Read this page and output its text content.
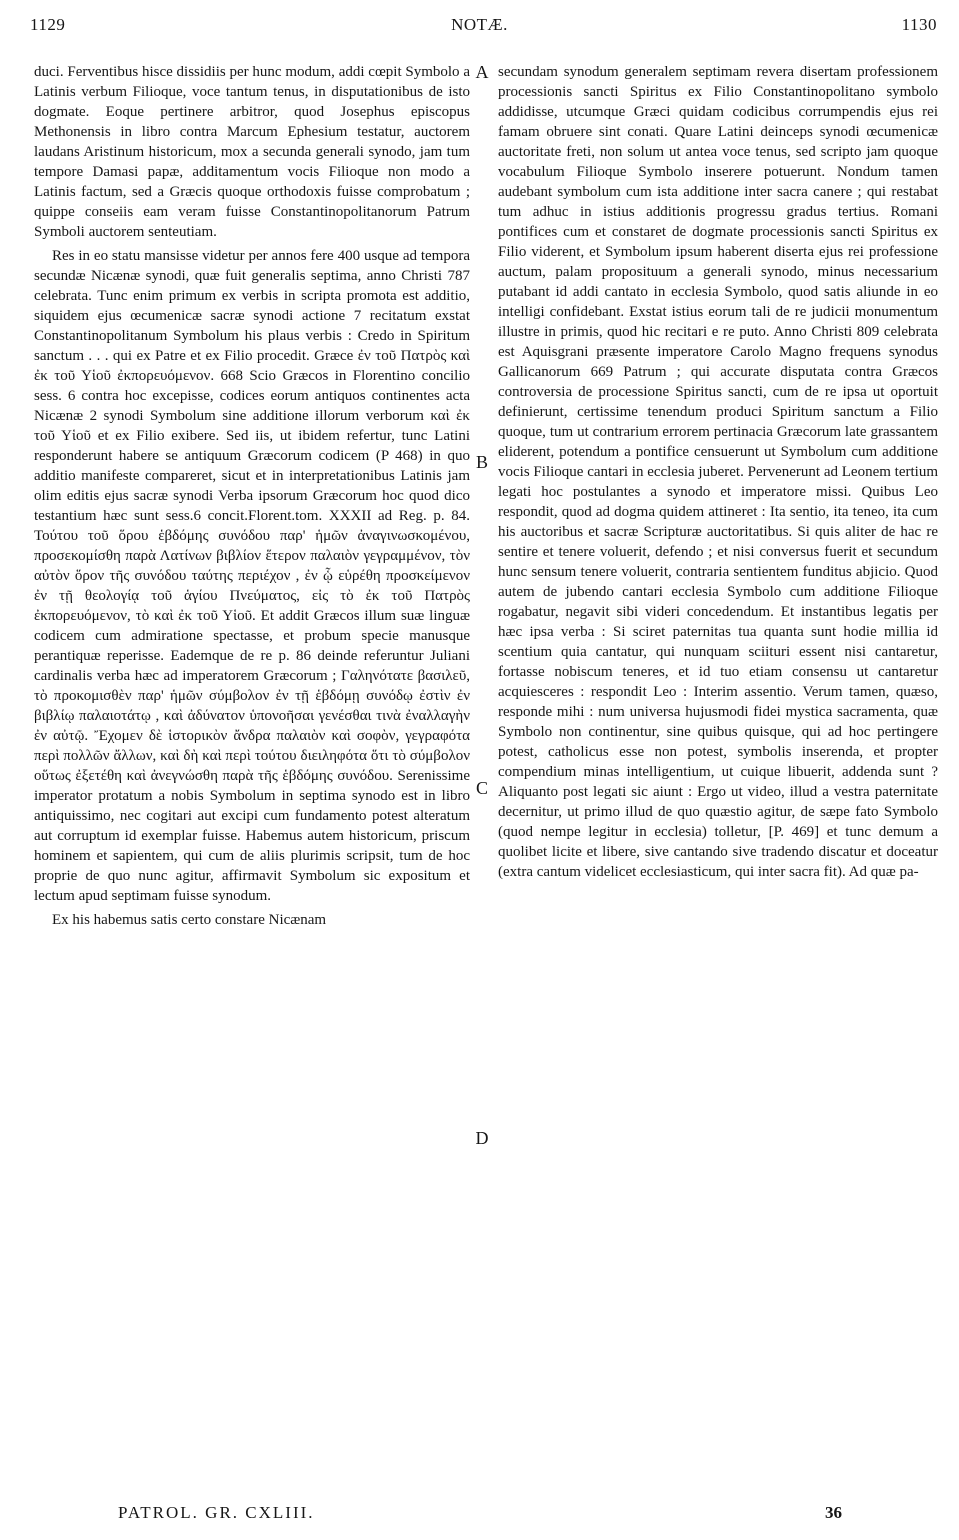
1129	NOTÆ.	1130

duci. Ferventibus hisce dissidiis per hunc modum, addi cœpit Symbolo a Latinis verbum Filioque, voce tantum tenus, in disputationibus de isto dogmate. Eoque pertinere arbitror, quod Josephus episcopus Methonensis in libro contra Marcum Ephesium testatur, auctorem laudans Aristinum historicum, mox a secunda generali synodo, jam tum tempore Damasi papæ, additamentum vocis Filioque non modo a Latinis factum, sed a Græcis quoque orthodoxis fuisse comprobatum ; quippe conseiis eam veram fuisse Constantinopolitanorum Patrum Symboli auctorem senteutiam.

Res in eo statu mansisse videtur per annos fere 400 usque ad tempora secundæ Nicænæ synodi, quæ fuit generalis septima, anno Christi 787 celebrata. Tunc enim primum ex verbis in scripta promota est additio, siquidem ejus œcumenicæ sacræ synodi actione 7 recitatum exstat Constantinopolitanum Symbolum his plaus verbis : Credo in Spiritum sanctum . . . qui ex Patre et ex Filio procedit. Græce ἐν τοῦ Πατρὸς καὶ ἐκ τοῦ Υἱοῦ ἐκπορευόμενον. 668 Scio Græcos in Florentino concilio sess. 6 contra hoc excepisse, codices eorum antiquos continentes acta Nicænæ 2 synodi Symbolum sine additione illorum verborum καὶ ἐκ τοῦ Υἱοῦ et ex Filio exibere. Sed iis, ut ibidem refertur, tunc Latini responderunt habere se antiquum Græcorum codicem (P 468) in quo additio manifeste compareret, sicut et in interpretationibus Latinis jam olim editis ejus sacræ synodi Verba ipsorum Græcorum hoc quod dico testantium hæc sunt sess.6 concit.Florent.tom. XXXII ad Reg. p. 84. Τούτου τοῦ ὅρου ἑβδόμης συνόδου παρ' ἡμῶν ἀναγινωσκομένου, προσεκομίσθη παρὰ Λατίνων βιβλίον ἕτερον παλαιὸν γεγραμμένον, τὸν αὐτὸν ὅρον τῆς συνόδου ταύτης περιέχον , ἐν ᾧ εὑρέθη προσκείμενον ἐν τῇ θεολογίᾳ τοῦ ἁγίου Πνεύματος, εἰς τὸ ἐκ τοῦ Πατρὸς ἐκπορευόμενον, τὸ καὶ ἐκ τοῦ Υἱοῦ. Et addit Græcos illum suæ linguæ codicem cum admiratione spectasse, et probum specie manusque perantiquæ reperisse. Eademque de re p. 86 deinde referuntur Juliani cardinalis verba hæc ad imperatorem Græcorum ; Γαληνότατε βασιλεῦ, τὸ προκομισθὲν παρ' ἡμῶν σύμβολον ἐν τῇ ἑβδόμῃ συνόδῳ ἐστὶν ἐν βιβλίῳ παλαιοτάτῳ , καὶ ἀδύνατον ὑπονοῆσαι γενέσθαι τινὰ ἐναλλαγὴν ἐν αὐτῷ. Ἔχομεν δὲ ἱστορικὸν ἄνδρα παλαιὸν καὶ σοφὸν, γεγραφότα περὶ πολλῶν ἄλλων, καὶ δὴ καὶ περὶ τούτου διειληφότα ὅτι τὸ σύμβολον οὕτως ἐξετέθη καὶ ἀνεγνώσθη παρὰ τῆς ἑβδόμης συνόδου. Serenissime imperator protatum a nobis Symbolum in septima synodo est in libro antiquissimo, nec cogitari aut excipi cum fundamento potest alteratum aut corruptum id exemplar fuisse. Habemus autem historicum, priscum hominem et sapientem, qui cum de aliis plurimis scripsit, tum de hoc proprie de quo nunc agitur, affirmavit Symbolum sic expositum et lectum apud septimam fuisse synodum.

Ex his habemus satis certo constare Nicænam

secundam synodum generalem septimam revera disertam professionem processionis sancti Spiritus ex Filio Constantinopolitano symbolo addidisse, utcumque Græci quidam codicibus corrumpendis ejus rei famam obruere sint conati. Quare Latini deinceps synodi œcumenicæ auctoritate freti, non solum ut antea voce tenus, sed scripto jam quoque vocabulum Filioque Symbolo inserere potuerunt. Nondum tamen audebant symbolum cum ista additione inter sacra canere ; qui restabat tum adhuc in istius additionis progressu gradus tertius. Romani pontifices cum et constaret de dogmate processionis sancti Spiritus ex Filio viderent, et Symbolum ipsum haberent diserta ejus rei professione auctum, palam proposituum a generali synodo, minus necessarium putabant id addi cantato in ecclesia Symbolo, quod satis aliunde in eo intelligi confidebant. Exstat istius eorum tali de re judicii monumentum illustre in primis, quod hic recitari e re puto. Anno Christi 809 celebrata est Aquisgrani præsente imperatore Carolo Magno frequens synodus Gallicanorum 669 Patrum ; qui accurate disputata contra Græcos controversia de processione Spiritus sancti, cum de re ipsa ut oportuit definierunt, certissime tenendum produci Spiritum sanctum a Filio quoque, tum ut contrarium errorem pertinacia Græcorum late grassantem eliderent, potendum a pontifice censuerunt ut Symbolum cum additione vocis Filioque cantari in ecclesia juberet. Pervenerunt ad Leonem tertium legati hoc postulantes a synodo et imperatore missi. Quibus Leo respondit, quod ad dogma quidem attineret : Ita sentio, ita teneo, ita cum his auctoribus et sacræ Scripturæ auctoritatibus. Si quis aliter de hac re sentire et tenere voluerit, defendo ; et nisi conversus fuerit et secundum hunc sensum tenere voluerit, contraria sentientem funditus abjicio. Quod autem de jubendo cantari ecclesia Symbolo cum additione Filioque rogabatur, negavit sibi videri concedendum. Et instantibus legatis per hæc ipsa verba : Si sciret paternitas tua quanta sunt hodie millia id scentium quia cantatur, qui nunquam sciituri essent nisi cantaretur, fortasse nobiscum teneres, et id tuo etiam consensu ut cantaretur acquiesceres : respondit Leo : Interim assentio. Verum tamen, quæso, responde mihi : num universa hujusmodi fidei mystica sacramenta, quæ Symbolo non continentur, sine quibus quisque, qui ad hoc pertingere potest, catholicus esse non potest, symbolis inserenda, et propter compendium minas intelligentium, ut cuique libuerit, addenda sunt ? Aliquanto post legati sic aiunt : Ergo ut video, illud a vestra paternitate decernitur, ut primo illud de quo quæstio agitur, de sæpe fato Symbolo (quod nempe legitur in ecclesia) tolletur, [P. 469] et tunc demum a quolibet licite et libere, sive cantando sive tradendo discatur et doceatur (extra cantum videlicet ecclesiasticum, qui inter sacra fit). Ad quæ pa-

A
B
C
D
PATROL. GR. CXLIII.	36
